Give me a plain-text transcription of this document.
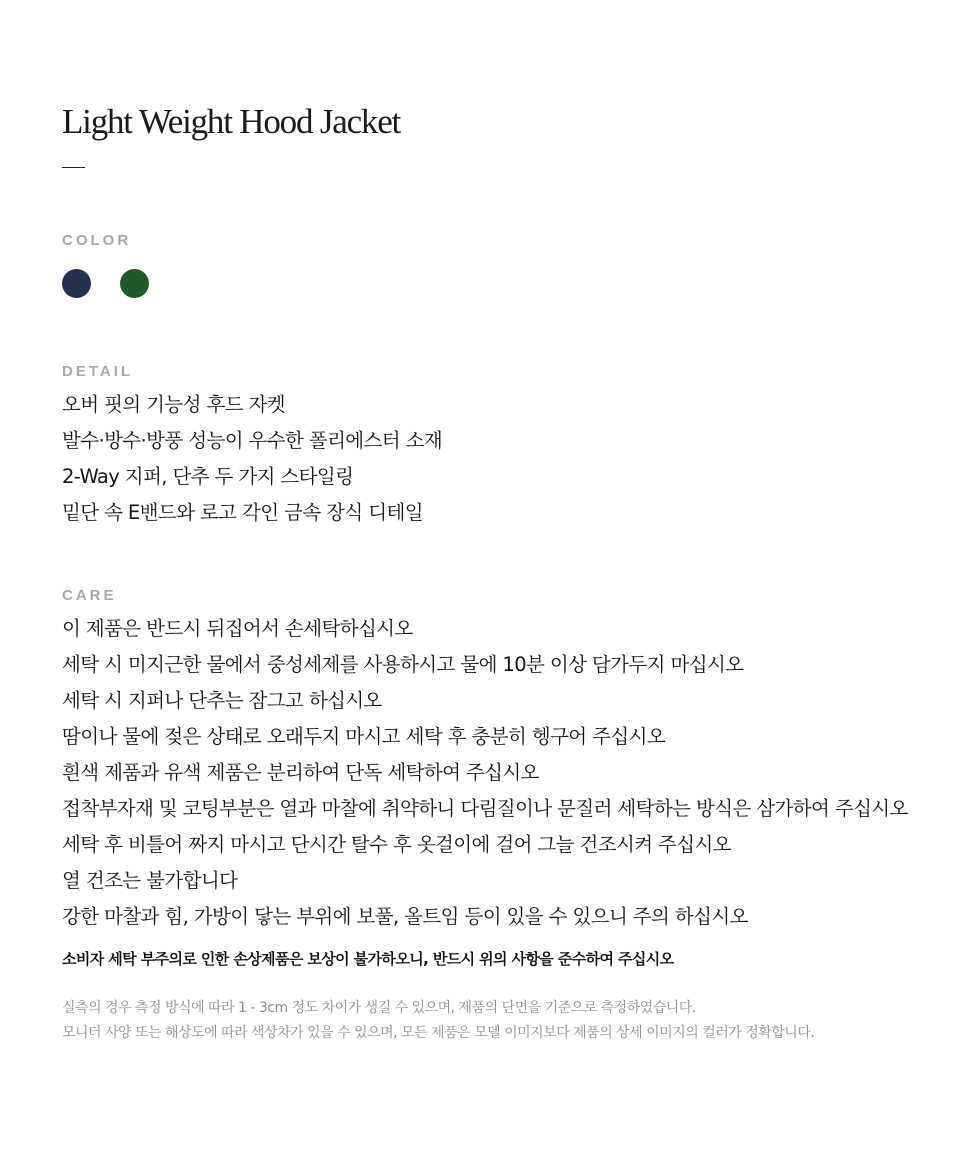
Light Weight Hood Jacket
COLOR
DETAIL
오버 핏의 기능성 후드 자켓
발수·방수·방풍 성능이 우수한 폴리에스터 소재
2-Way 지퍼, 단추 두 가지 스타일링
밑단 속 E밴드와 로고 각인 금속 장식 디테일
CARE
이 제품은 반드시 뒤집어서 손세탁하십시오
세탁 시 미지근한 물에서 중성세제를 사용하시고 물에 10분 이상 담가두지 마십시오
세탁 시 지퍼나 단추는 잠그고 하십시오
땀이나 물에 젖은 상태로 오래두지 마시고 세탁 후 충분히 헹구어 주십시오
흰색 제품과 유색 제품은 분리하여 단독 세탁하여 주십시오
접착부자재 및 코팅부분은 열과 마찰에 취약하니 다림질이나 문질러 세탁하는 방식은 삼가하여 주십시오
세탁 후 비틀어 짜지 마시고 단시간 탈수 후 옷걸이에 걸어 그늘 건조시켜 주십시오
열 건조는 불가합니다
강한 마찰과 힘, 가방이 닿는 부위에 보풀, 올트임 등이 있을 수 있으니 주의 하십시오
소비자 세탁 부주의로 인한 손상제품은 보상이 불가하오니, 반드시 위의 사항을 준수하여 주십시오
실측의 경우 측정 방식에 따라 1 - 3cm 정도 차이가 생길 수 있으며, 제품의 단면을 기준으로 측정하였습니다.
모니터 사양 또는 해상도에 따라 색상차가 있을 수 있으며, 모든 제품은 모델 이미지보다 제품의 상세 이미지의 컬러가 정확합니다.
